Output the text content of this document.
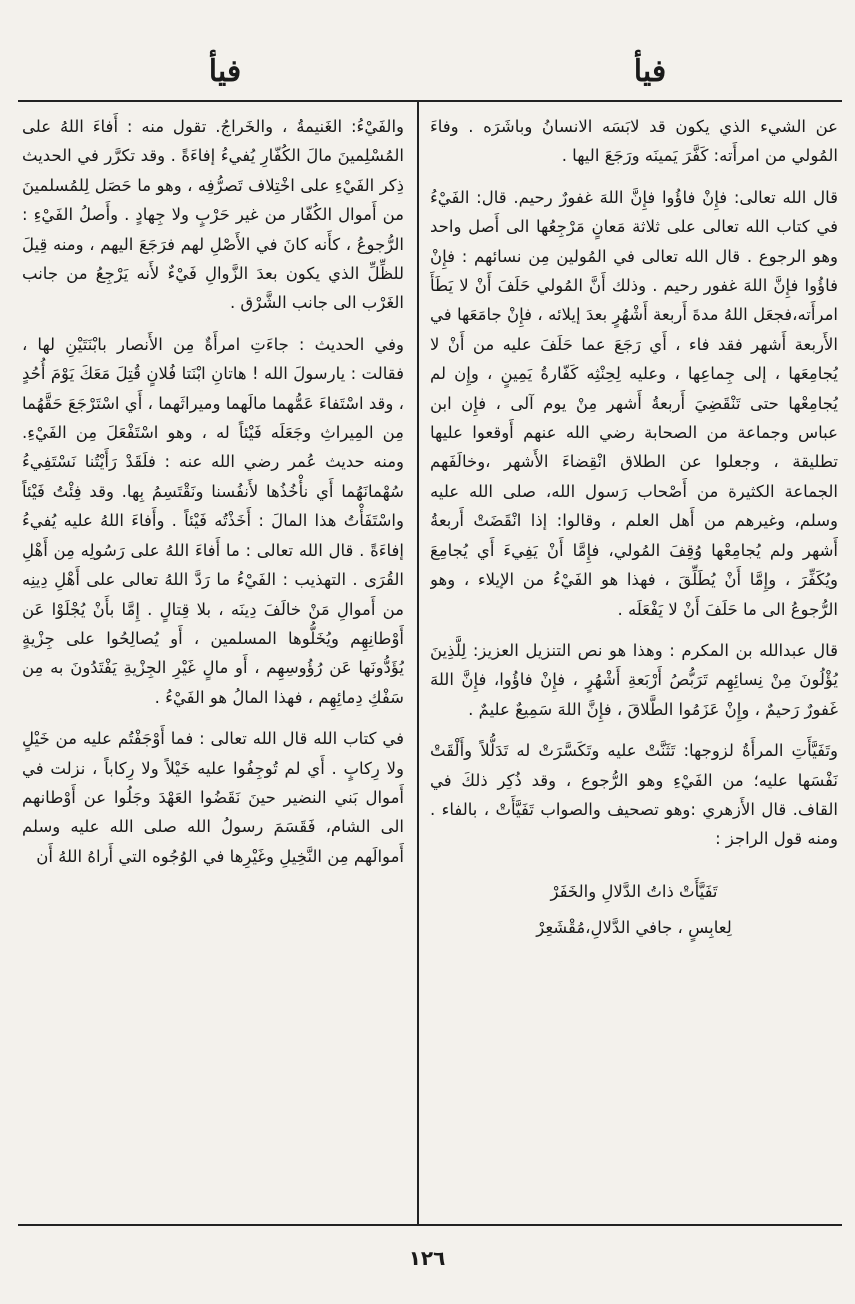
فيأ
فيأ

عن الشيء الذي يكون قد لابَسَه الانسانُ وباشَرَه . وفاءَ المُولي من امرأَته: كَفَّرَ يَمينَه ورَجَعَ اليها .

قال الله تعالى: فإِنْ فاؤُوا فإِنَّ اللهَ غفورٌ رحيم. قال: الفَيْءُ في كتاب الله تعالى على ثلاثة مَعانٍ مَرْجِعُها الى أَصل واحد وهو الرجوع . قال الله تعالى في المُولين مِن نسائهم : فإِنْ فاؤُوا فإِنَّ اللهَ غفور رحيم . وذلك أَنَّ المُولي حَلَفَ أَنْ لا يَطَأَ امرأَته،فجعَل اللهُ مدةَ أَربعة أَشْهُرٍ بعدَ إيلائه ، فإِنْ جامَعَها في الأَربعة أَشهر فقد فاء ، أَي رَجَعَ عما حَلَفَ عليه من أَنْ لا يُجامِعَها ، إلى جِماعِها ، وعليه لِحِنْثِه كَفّارةُ يَمِينٍ ، وإِن لم يُجامِعْها حتى تَنْقَضِيَ أَربعةُ أَشهر مِنْ يوم آلى ، فإِن ابن عباس وجماعة من الصحابة رضي الله عنهم أَوقعوا عليها تطليقة ، وجعلوا عن الطلاق انْقِضاءَ الأَشهر ،وخالَفَهم الجماعة الكثيرة من أَصْحاب رَسول الله، صلى الله عليه وسلم، وغيرهم من أَهل العلم ، وقالوا: إذا انْقَضَتْ أَربعةُ أَشهر ولم يُجامِعْها وُقِفَ المُولي، فإِمَّا أَنْ يَفِيءَ أَي يُجامِعَ ويُكَفِّرَ ، وإِمَّا أَنْ يُطَلِّقَ ، فهذا هو الفَيْءُ من الإيلاء ، وهو الرُّجوعُ الى ما حَلَفَ أَنْ لا يَفْعَلَه .

قال عبدالله بن المكرم : وهذا هو نص التنزيل العزيز: لِلَّذِينَ يُؤْلُونَ مِنْ نِسائِهِم تَرَبُّصُ أَرْبَعةِ أَشْهُرٍ ، فإِنْ فاؤُوا، فإِنَّ اللهَ غَفورٌ رَحيمٌ ، وإِنْ عَزَمُوا الطَّلاقَ ، فإِنَّ اللهَ سَمِيعٌ عليمٌ .

وتَفَيَّأَتِ المرأَةُ لزوجها: تَثَنَّتْ عليه وتَكَسَّرَتْ له تَدَلُّلاً وأَلْقَتْ نَفْسَها عليه؛ من الفَيْءِ وهو الرُّجوع ، وقد ذُكِر ذلكَ في القاف. قال الأَزهري :وهو تصحيف والصواب تَفَيَّأَتْ ، بالفاء . ومنه قول الراجز :

تَفَيَّأَتْ ذاتُ الدَّلالِ والخَفَرْ
لِعابِسٍ ، جافي الدَّلالِ،مُقْشَعِرْ

والفَيْءُ: الغَنيمةُ ، والخَراجُ. تقول منه : أَفاءَ اللهُ على المُسْلِمينَ مالَ الكُفّارِ يُفيءُ إفاءَةً . وقد تكرَّر في الحديث ذِكر الفَيْءِ على اخْتِلاف تَصرُّفِه ، وهو ما حَصَل لِلمُسلمينَ من أَموال الكُفّار من غير حَرْبٍ ولا جِهادٍ . وأَصلُ الفَيْءِ : الرُّجوعُ ، كأَنه كانَ في الأَصْلِ لهم فرَجَعَ اليهم ، ومنه قِيلَ للظِّلِّ الذي يكون بعدَ الزَّوالِ فَيْءٌ لأَنه يَرْجِعُ من جانب الغَرْب الى جانب الشَّرْق .

وفي الحديث : جاءَتِ امرأَةٌ مِن الأَنصار بابْنَتَيْنِ لها ، فقالت : يارسولَ الله ! هاتانِ ابْنَتا فُلانٍ قُتِلَ مَعَكَ يَوْمَ أُحُدٍ ، وقد اسْتَفاءَ عَمُّهما مالَهما وميراثَهما ، أَي اسْتَرْجَعَ حَقَّهُما مِن المِيراثِ وجَعَلَه فَيْئاً له ، وهو اسْتَفْعَلَ مِن الفَيْءِ. ومنه حديث عُمر رضي الله عنه : فلَقَدْ رَأَيْتُنا نَسْتَفِيءُ سُهْمانَهُما أَي نأْخُذُها لأَنفُسنا ونَقْتَسِمُ بِها. وقد فِئْتُ فَيْئاً واسْتَفَأْتُ هذا المالَ : أَخَذْتُه فَيْئاً . وأَفاءَ اللهُ عليه يُفيءُ إفاءَةً . قال الله تعالى : ما أَفاءَ اللهُ على رَسُولِه مِن أَهْلِ القُرَى . التهذيب : الفَيْءُ ما رَدَّ اللهُ تعالى على أَهْلِ دِينِه من أَموالِ مَنْ خالَفَ دِينَه ، بلا قِتالٍ . إِمَّا بأَنْ يُجْلَوْا عَن أَوْطانِهِم ويُخَلُّوها المسلمين ، أَو يُصالِحُوا على جِزْيةٍ يُؤَدُّونَها عَن رُؤُوسِهِم ، أَو مالٍ غَيْرِ الجِزْيةِ يَفْتَدُونَ به مِن سَفْكِ دِمائِهِم ، فهذا المالُ هو الفَيْءُ .

في كتاب الله قال الله تعالى : فما أَوْجَفْتُم عليه من خَيْلٍ ولا رِكابٍ . أَي لم تُوجِفُوا عليه خَيْلاً ولا رِكاباً ، نزلت في أَموال بَني النضير حينَ نَقَضُوا العَهْدَ وجَلُوا عن أَوْطانهم الى الشام، فَقَسَمَ رسولُ الله صلى الله عليه وسلم أَموالَهم مِن النَّخِيلِ وغَيْرِها في الوُجُوه التي أَراهُ اللهُ أَن

١٢٦
